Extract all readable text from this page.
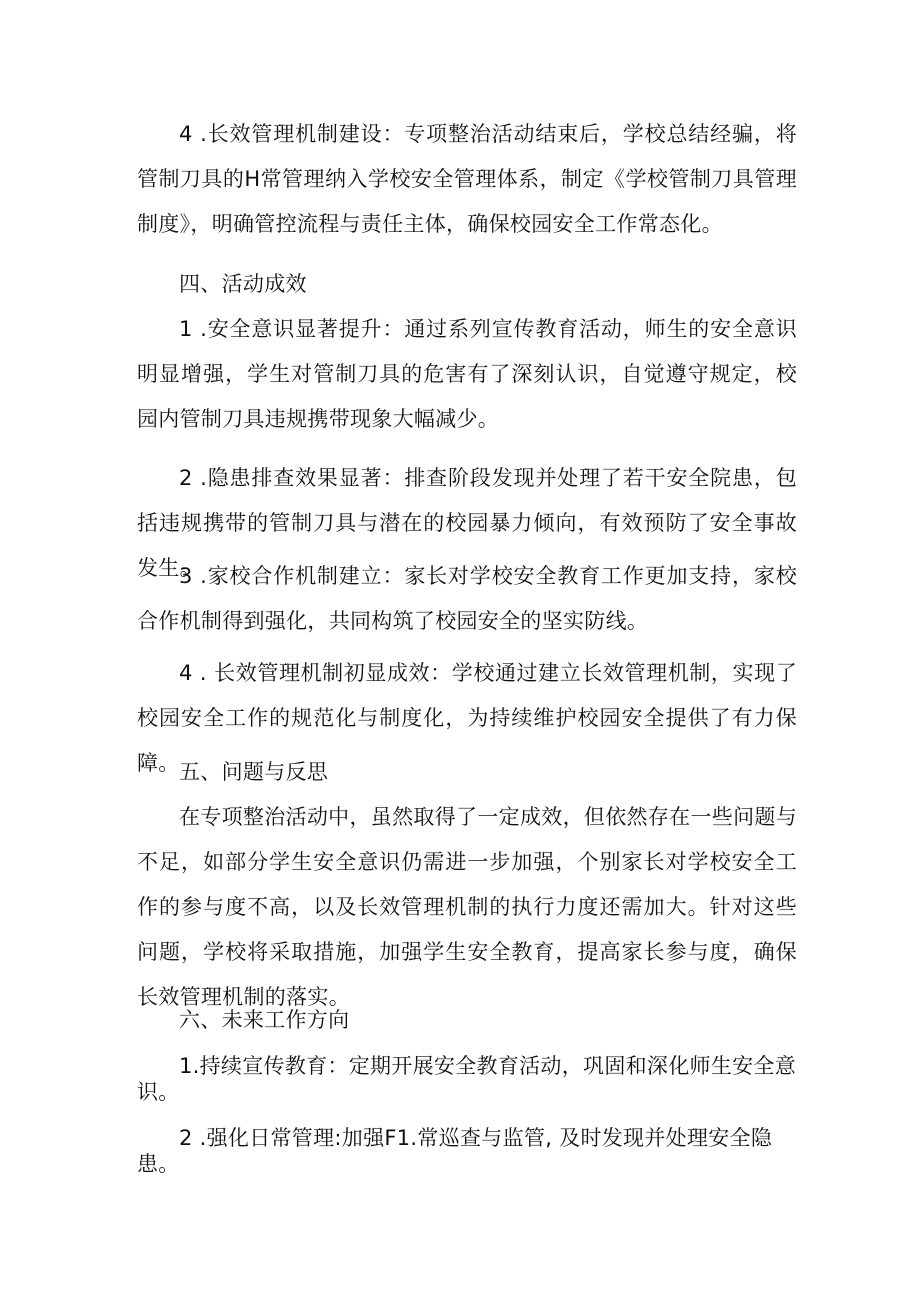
4 .长效管理机制建设：专项整治活动结束后，学校总结经骗，将管制刀具的H常管理纳入学校安全管理体系，制定《学校管制刀具管理制度》，明确管控流程与责任主体，确保校园安全工作常态化。

四、活动成效

1 .安全意识显著提升：通过系列宣传教育活动，师生的安全意识明显增强，学生对管制刀具的危害有了深刻认识，自觉遵守规定，校园内管制刀具违规携带现象大幅减少。

2 .隐患排查效果显著：排查阶段发现并处理了若干安全院患，包括违规携带的管制刀具与潜在的校园暴力倾向，有效预防了安全事故发生。

3 .家校合作机制建立：家长对学校安全教育工作更加支持，家校合作机制得到强化，共同构筑了校园安全的坚实防线。

4 . 长效管理机制初显成效：学校通过建立长效管理机制，实现了校园安全工作的规范化与制度化，为持续维护校园安全提供了有力保障。 五、问题与反思

在专项整治活动中，虽然取得了一定成效，但依然存在一些问题与不足，如部分学生安全意识仍需进一步加强，个别家长对学校安全工作的参与度不高，以及长效管理机制的执行力度还需加大。针对这些问题，学校将采取措施，加强学生安全教育，提高家长参与度，确保长效管理机制的落实。

六、未来工作方向

1.持续宣传教育：定期开展安全教育活动，巩固和深化师生安全意识。

2 .强化日常管理:加强F1.常巡查与监管, 及时发现并处理安全隐患。
